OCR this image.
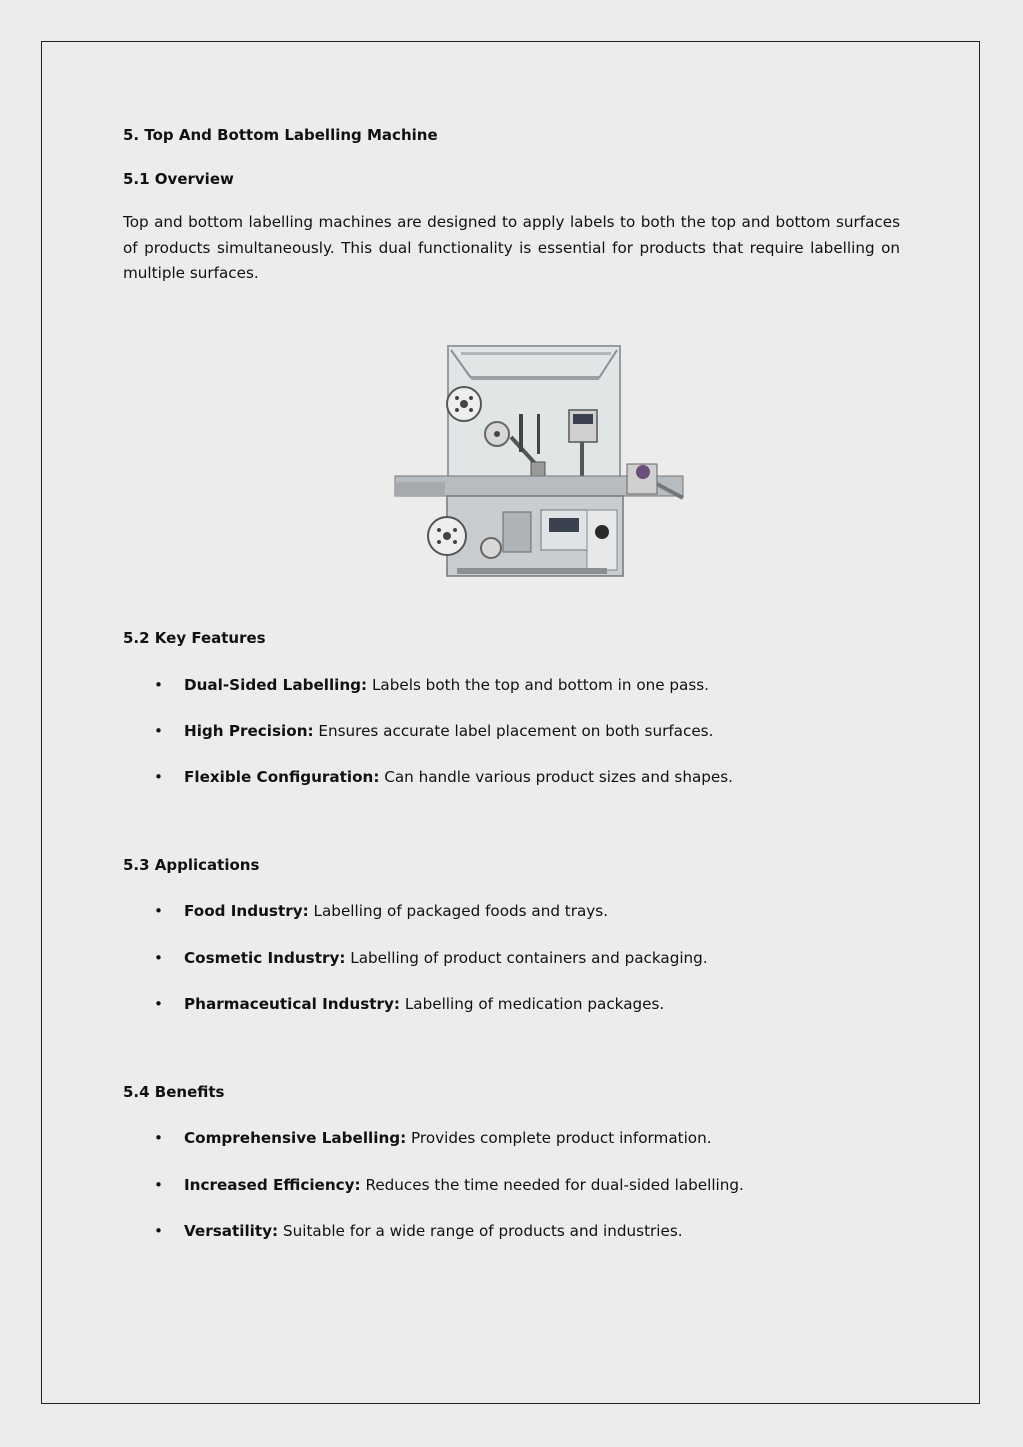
5. Top And Bottom Labelling Machine
5.1 Overview
Top and bottom labelling machines are designed to apply labels to both the top and bottom surfaces of products simultaneously. This dual functionality is essential for products that require labelling on multiple surfaces.
5.2 Key Features
• Dual-Sided Labelling: Labels both the top and bottom in one pass.
• High Precision: Ensures accurate label placement on both surfaces.
• Flexible Configuration: Can handle various product sizes and shapes.
5.3 Applications
• Food Industry: Labelling of packaged foods and trays.
• Cosmetic Industry: Labelling of product containers and packaging.
• Pharmaceutical Industry: Labelling of medication packages.
5.4 Benefits
• Comprehensive Labelling: Provides complete product information.
• Increased Efficiency: Reduces the time needed for dual-sided labelling.
• Versatility: Suitable for a wide range of products and industries.
